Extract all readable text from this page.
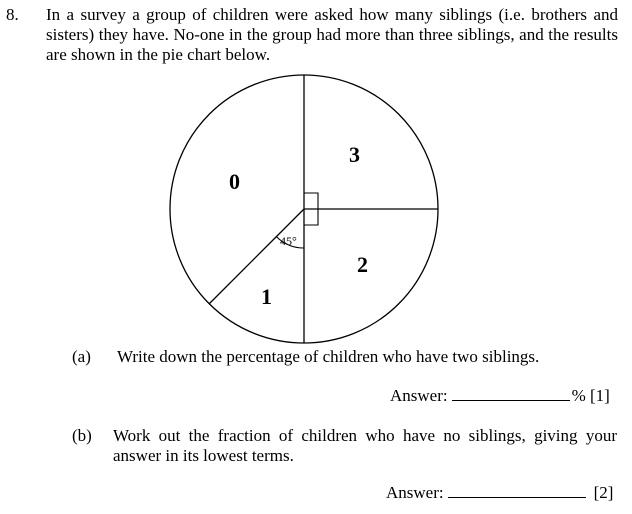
8. In a survey a group of children were asked how many siblings (i.e. brothers and sisters) they have. No-one in the group had more than three siblings, and the results are shown in the pie chart below.
45°
0
1
2
3
(a) Write down the percentage of children who have two siblings.
Answer:	% [1]
(b) Work out the fraction of children who have no siblings, giving your answer in its lowest terms.
Answer:	[2]
